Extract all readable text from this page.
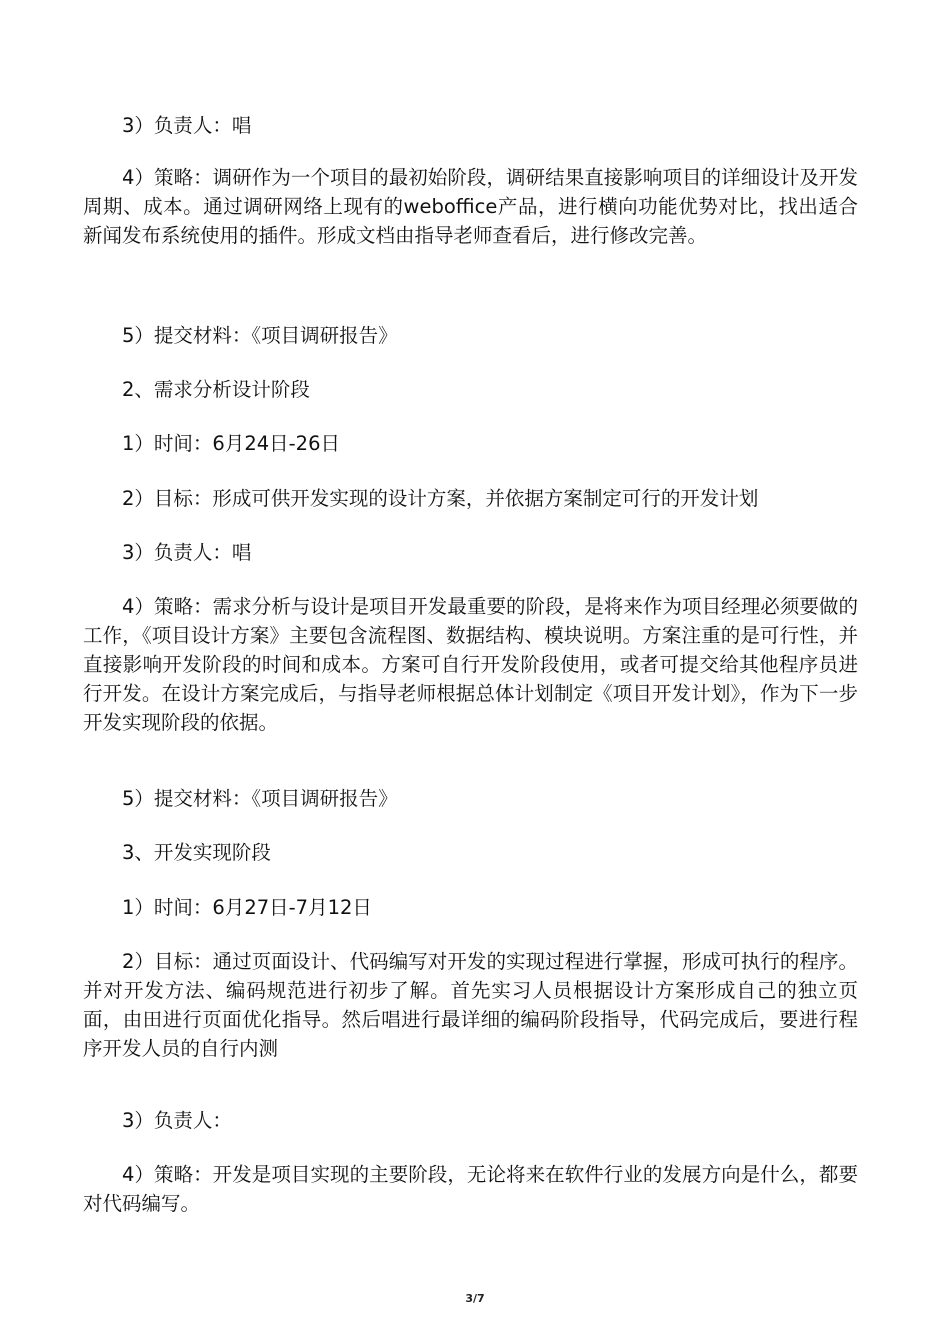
3）负责人：唱

4）策略：调研作为一个项目的最初始阶段，调研结果直接影响项目的详细设计及开发周期、成本。通过调研网络上现有的weboffice产品，进行横向功能优势对比，找出适合新闻发布系统使用的插件。形成文档由指导老师查看后，进行修改完善。

5）提交材料：《项目调研报告》

2、需求分析设计阶段

1）时间：6月24日-26日

2）目标：形成可供开发实现的设计方案，并依据方案制定可行的开发计划

3）负责人：唱

4）策略：需求分析与设计是项目开发最重要的阶段，是将来作为项目经理必须要做的工作，《项目设计方案》主要包含流程图、数据结构、模块说明。方案注重的是可行性，并直接影响开发阶段的时间和成本。方案可自行开发阶段使用，或者可提交给其他程序员进行开发。在设计方案完成后，与指导老师根据总体计划制定《项目开发计划》，作为下一步开发实现阶段的依据。

5）提交材料：《项目调研报告》

3、开发实现阶段

1）时间：6月27日-7月12日

2）目标：通过页面设计、代码编写对开发的实现过程进行掌握，形成可执行的程序。并对开发方法、编码规范进行初步了解。首先实习人员根据设计方案形成自己的独立页面，由田进行页面优化指导。然后唱进行最详细的编码阶段指导，代码完成后，要进行程序开发人员的自行内测

3）负责人：

4）策略：开发是项目实现的主要阶段，无论将来在软件行业的发展方向是什么，都要对代码编写。

3/7
